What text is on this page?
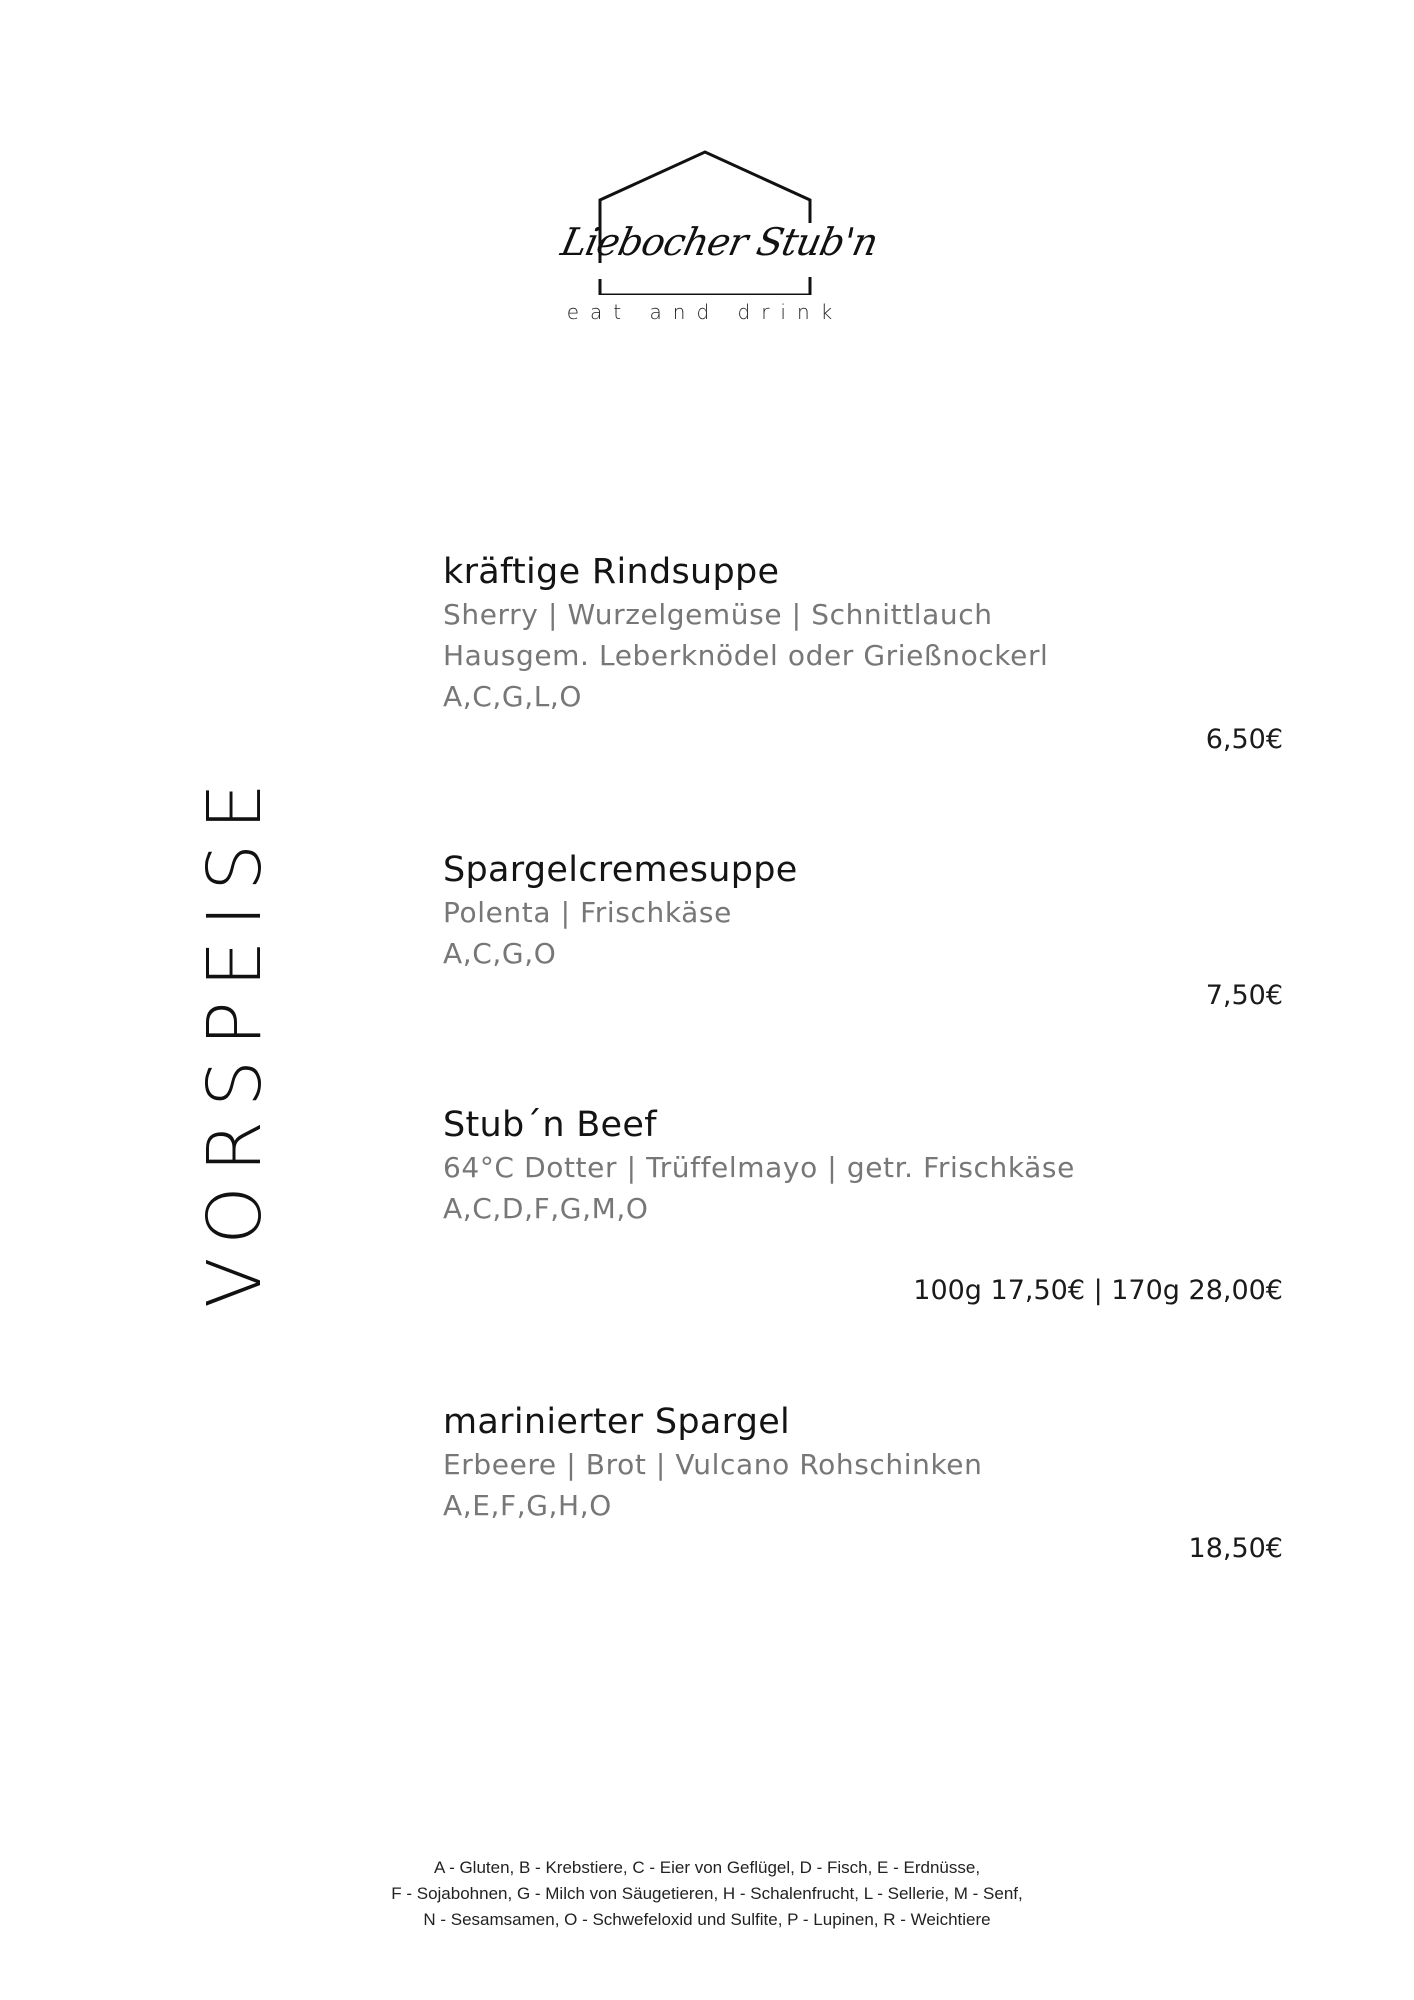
Liebocher Stub'n
eat and drink
VORSPEISE
kräftige Rindsuppe
Sherry | Wurzelgemüse | Schnittlauch
Hausgem. Leberknödel oder Grießnockerl
A,C,G,L,O
6,50€
Spargelcremesuppe
Polenta | Frischkäse
A,C,G,O
7,50€
Stub´n Beef
64°C Dotter | Trüffelmayo | getr. Frischkäse
A,C,D,F,G,M,O
100g 17,50€ | 170g 28,00€
marinierter Spargel
Erbeere | Brot | Vulcano Rohschinken
A,E,F,G,H,O
18,50€
A - Gluten, B - Krebstiere, C - Eier von Geflügel, D - Fisch, E - Erdnüsse,
F - Sojabohnen, G - Milch von Säugetieren, H - Schalenfrucht, L - Sellerie, M - Senf,
N - Sesamsamen, O - Schwefeloxid und Sulfite, P - Lupinen, R - Weichtiere
